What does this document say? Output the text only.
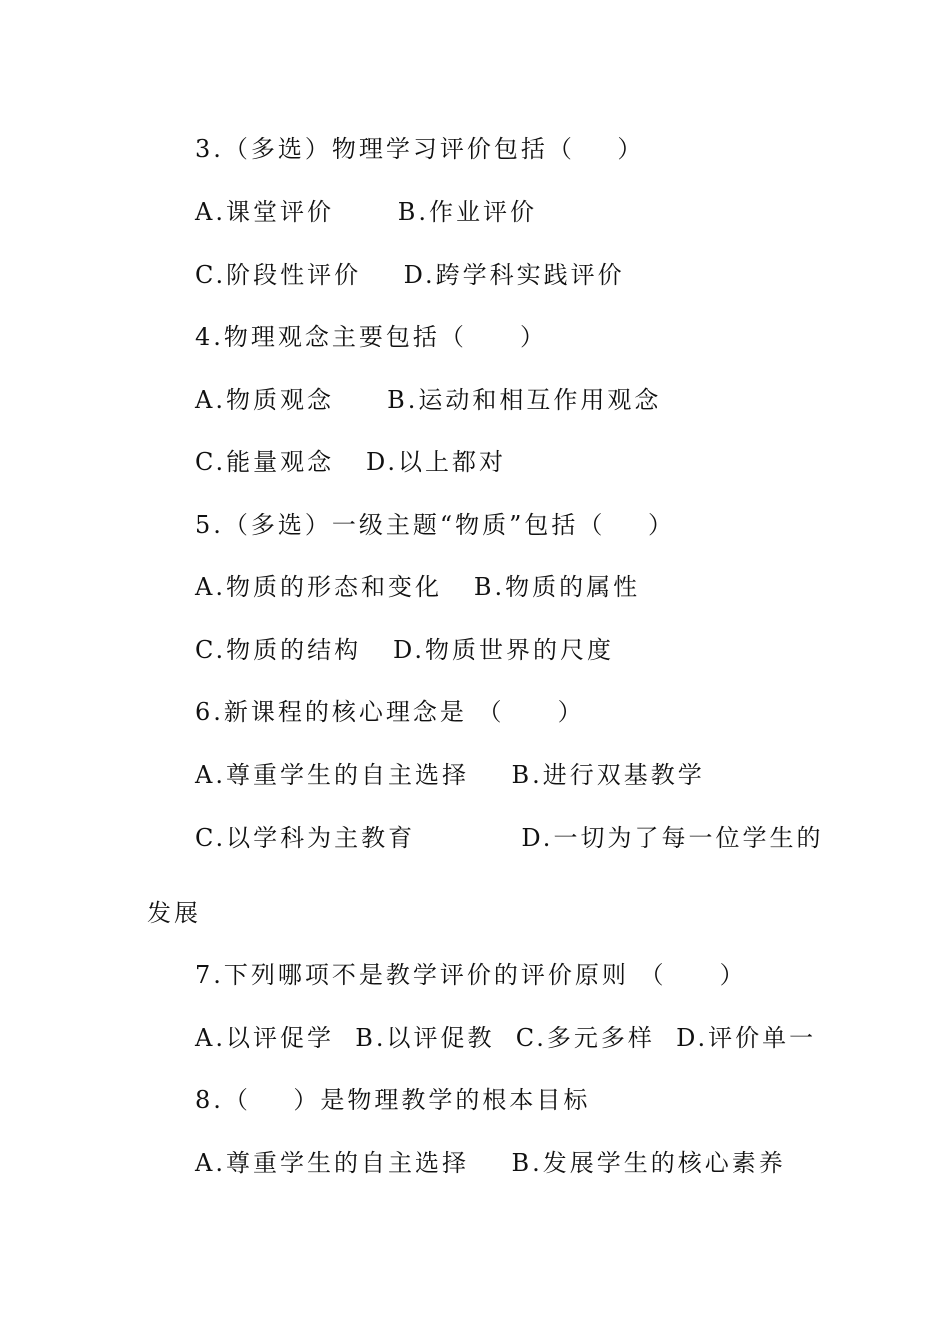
3.（多选）物理学习评价包括（    ）
A.课堂评价      B.作业评价
C.阶段性评价    D.跨学科实践评价
4.物理观念主要包括（     ）
A.物质观念     B.运动和相互作用观念
C.能量观念   D.以上都对
5.（多选）一级主题“物质”包括（    ）
A.物质的形态和变化   B.物质的属性
C.物质的结构   D.物质世界的尺度
6.新课程的核心理念是 （     ）
A.尊重学生的自主选择    B.进行双基教学
C.以学科为主教育          D.一切为了每一位学生的
发展
7.下列哪项不是教学评价的评价原则 （     ）
A.以评促学  B.以评促教  C.多元多样  D.评价单一
8.（    ）是物理教学的根本目标
A.尊重学生的自主选择    B.发展学生的核心素养
